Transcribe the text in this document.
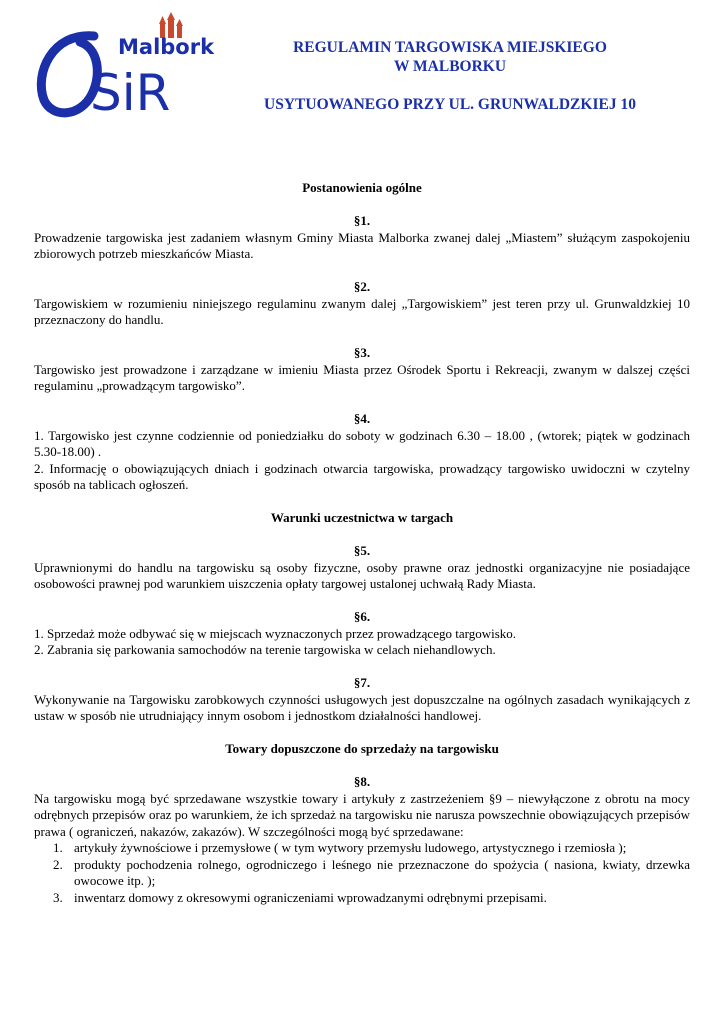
Malbork
SiR
REGULAMIN TARGOWISKA MIEJSKIEGO
W MALBORKU
USYTUOWANEGO PRZY UL. GRUNWALDZKIEJ 10
Postanowienia ogólne
§1.

Prowadzenie targowiska jest zadaniem własnym Gminy Miasta Malborka zwanej dalej „Miastem” służącym zaspokojeniu zbiorowych potrzeb mieszkańców Miasta.

§2.

Targowiskiem w rozumieniu niniejszego regulaminu zwanym dalej „Targowiskiem” jest teren przy ul. Grunwaldzkiej 10 przeznaczony do handlu.

§3.

Targowisko jest prowadzone i zarządzane w imieniu Miasta przez Ośrodek Sportu i Rekreacji, zwanym w dalszej części regulaminu „prowadzącym targowisko”.

§4.

1. Targowisko jest czynne codziennie od poniedziałku do soboty w godzinach 6.30 – 18.00 , (wtorek; piątek w godzinach 5.30-18.00) .

2. Informację o obowiązujących dniach i godzinach otwarcia targowiska, prowadzący targowisko uwidoczni w czytelny sposób na tablicach ogłoszeń.

Warunki uczestnictwa w targach
§5.

Uprawnionymi do handlu na targowisku są osoby fizyczne, osoby prawne oraz jednostki organizacyjne nie posiadające osobowości prawnej pod warunkiem uiszczenia opłaty targowej ustalonej uchwałą Rady Miasta.

§6.

1. Sprzedaż może odbywać się w miejscach wyznaczonych przez prowadzącego targowisko.

2. Zabrania się parkowania samochodów na terenie targowiska w celach niehandlowych.

§7.

Wykonywanie na Targowisku zarobkowych czynności usługowych jest dopuszczalne na ogólnych zasadach wynikających z ustaw w sposób nie utrudniający innym osobom i jednostkom działalności handlowej.

Towary dopuszczone do sprzedaży na targowisku
§8.

Na targowisku mogą być sprzedawane wszystkie towary i artykuły z zastrzeżeniem §9 – niewyłączone z obrotu na mocy odrębnych przepisów oraz po warunkiem, że ich sprzedaż na targowisku nie narusza powszechnie obowiązujących przepisów prawa ( ograniczeń, nakazów, zakazów). W szczególności mogą być sprzedawane:

1. artykuły żywnościowe i przemysłowe ( w tym wytwory przemysłu ludowego, artystycznego i rzemiosła );
2. produkty pochodzenia rolnego, ogrodniczego i leśnego nie przeznaczone do spożycia ( nasiona, kwiaty, drzewka owocowe itp. );
3. inwentarz domowy z okresowymi ograniczeniami wprowadzanymi odrębnymi przepisami.
